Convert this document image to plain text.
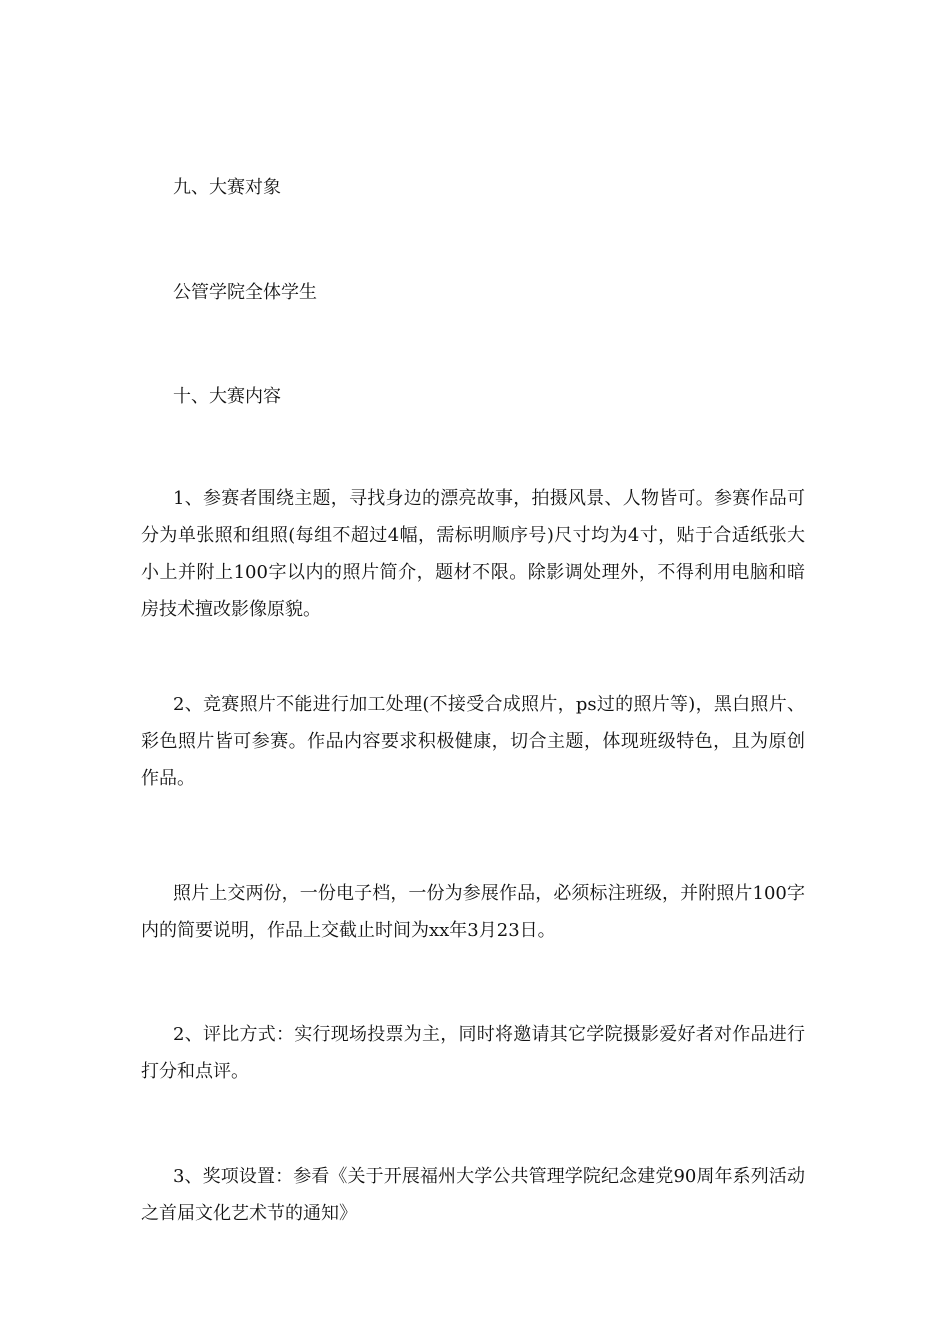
九、大赛对象

公管学院全体学生

十、大赛内容

1、参赛者围绕主题，寻找身边的漂亮故事，拍摄风景、人物皆可。参赛作品可分为单张照和组照(每组不超过4幅，需标明顺序号)尺寸均为4寸，贴于合适纸张大小上并附上100字以内的照片简介，题材不限。除影调处理外，不得利用电脑和暗房技术擅改影像原貌。

2、竞赛照片不能进行加工处理(不接受合成照片，ps过的照片等)，黑白照片、彩色照片皆可参赛。作品内容要求积极健康，切合主题，体现班级特色，且为原创作品。

照片上交两份，一份电子档，一份为参展作品，必须标注班级，并附照片100字内的简要说明，作品上交截止时间为xx年3月23日。

2、评比方式：实行现场投票为主，同时将邀请其它学院摄影爱好者对作品进行打分和点评。

3、奖项设置：参看《关于开展福州大学公共管理学院纪念建党90周年系列活动之首届文化艺术节的通知》
